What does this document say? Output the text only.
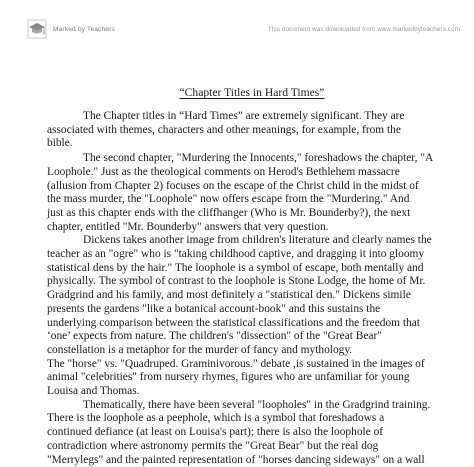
Marked by Teachers	This document was downloaded from www.markedbyteachers.com
“Chapter Titles in Hard Times”
The Chapter titles in “Hard Times” are extremely significant. They are
associated with themes, characters and other meanings, for example, from the
bible.
The second chapter, "Murdering the Innocents," foreshadows the chapter, "A
Loophole." Just as the theological comments on Herod's Bethlehem massacre
(allusion from Chapter 2) focuses on the escape of the Christ child in the midst of
the mass murder, the "Loophole" now offers escape from the "Murdering." And
just as this chapter ends with the cliffhanger (Who is Mr. Bounderby?), the next
chapter, entitled "Mr. Bounderby" answers that very question.
Dickens takes another image from children's literature and clearly names the
teacher as an "ogre" who is "taking childhood captive, and dragging it into gloomy
statistical dens by the hair." The loophole is a symbol of escape, both mentally and
physically. The symbol of contrast to the loophole is Stone Lodge, the home of Mr.
Gradgrind and his family, and most definitely a "statistical den." Dickens simile
presents the gardens "like a botanical account-book" and this sustains the
underlying comparison between the statistical classifications and the freedom that
‘one’ expects from nature. The children's "dissection" of the "Great Bear"
constellation is a metaphor for the murder of fancy and mythology.
The "horse" vs. "Quadruped. Graminivorous." debate ,is sustained in the images of
animal "celebrities" from nursery rhymes, figures who are unfamiliar for young
Louisa and Thomas.
Thematically, there have been several "loopholes" in the Gradgrind training.
There is the loophole as a peephole, which is a symbol that foreshadows a
continued defiance (at least on Louisa's part); there is also the loophole of
contradiction where astronomy permits the "Great Bear" but the real dog
"Merrylegs" and the painted representation of "horses dancing sideways" on a wall
